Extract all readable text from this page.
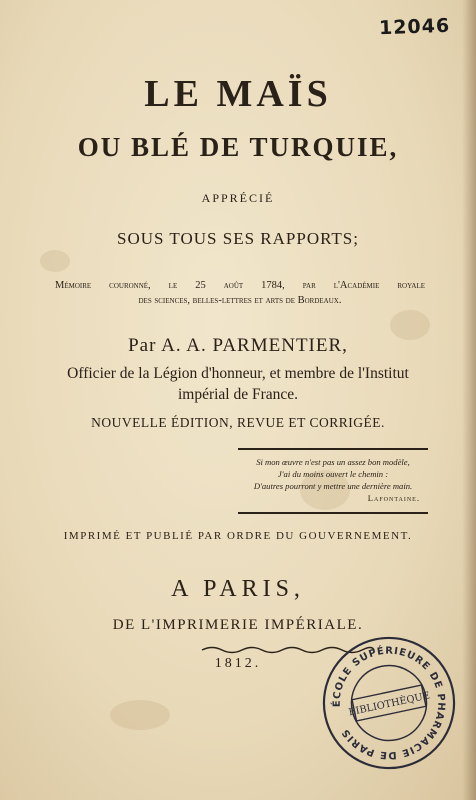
12046
LE MAÏS
OU BLÉ DE TURQUIE,
APPRÉCIÉ
SOUS TOUS SES RAPPORTS;
Mémoire couronné, le 25 août 1784, par l'Académie royale
des sciences, belles-lettres et arts de Bordeaux.
Par A. A. PARMENTIER,
Officier de la Légion d'honneur, et membre de l'Institut
impérial de France.
NOUVELLE ÉDITION, REVUE ET CORRIGÉE.
Si mon œuvre n'est pas un assez bon modèle,
J'ai du moins ouvert le chemin :
D'autres pourront y mettre une dernière main.
Lafontaine.
IMPRIMÉ ET PUBLIÉ PAR ORDRE DU GOUVERNEMENT.
A PARIS,
DE L'IMPRIMERIE IMPÉRIALE.
1812.
ÉCOLE SUPÉRIEURE DE PHARMACIE DE PARIS
BIBLIOTHÈQUE
